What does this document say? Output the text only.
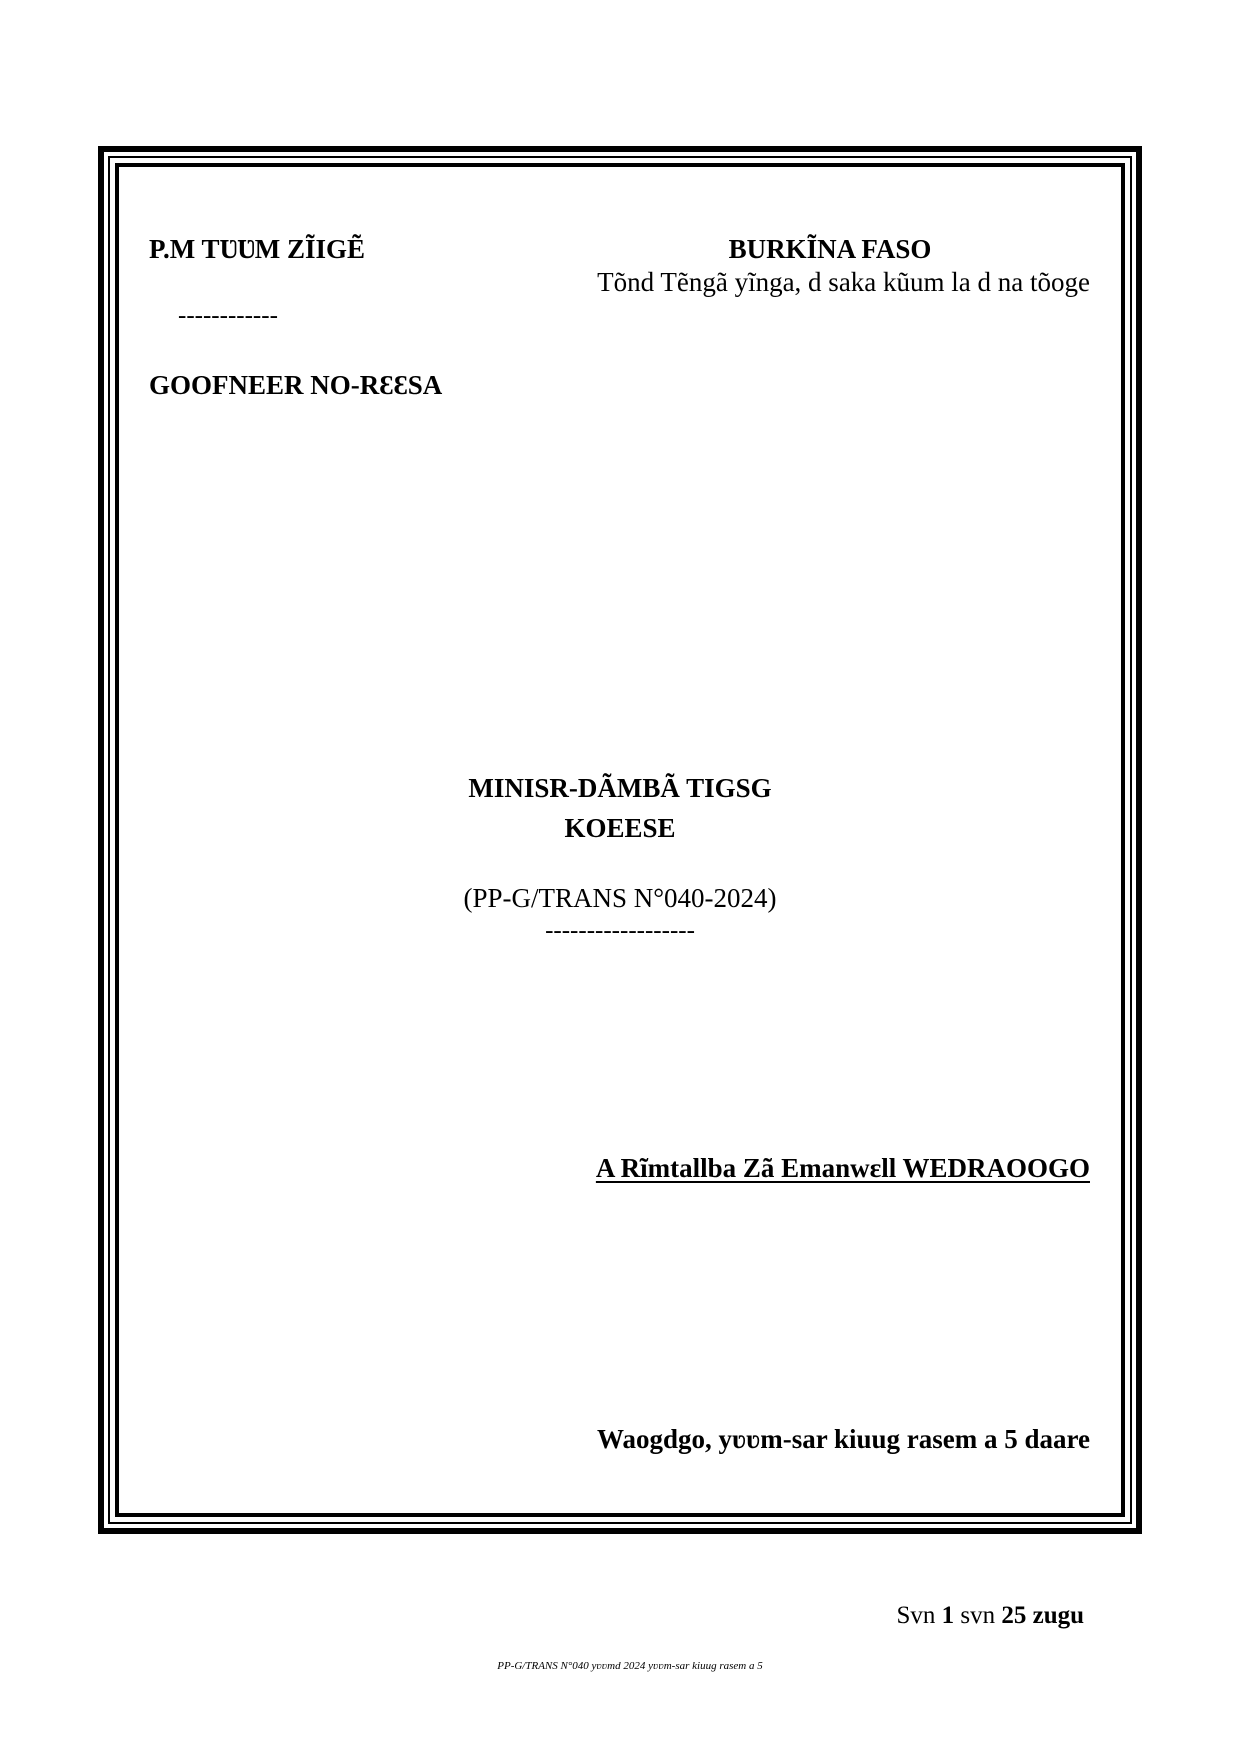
P.M TƲƲM ZĨIGẼ
------------
GOOFNEER NO-RƐƐSA
BURKĨNA FASO
Tõnd Tẽngã yĩnga, d saka kũum la d na tõoge
MINISR-DÃMBÃ TIGSG
KOEESE
(PP-G/TRANS N°040-2024)
------------------
A Rĩmtallba Zã Emanwɛll WEDRAOOGO
Waogdgo, yʋʋm-sar kiuug rasem a 5 daare
Svn 1 svn 25 zugu
PP-G/TRANS N°040 yʋʋmd 2024 yʋʋm-sar kiuug rasem a 5
